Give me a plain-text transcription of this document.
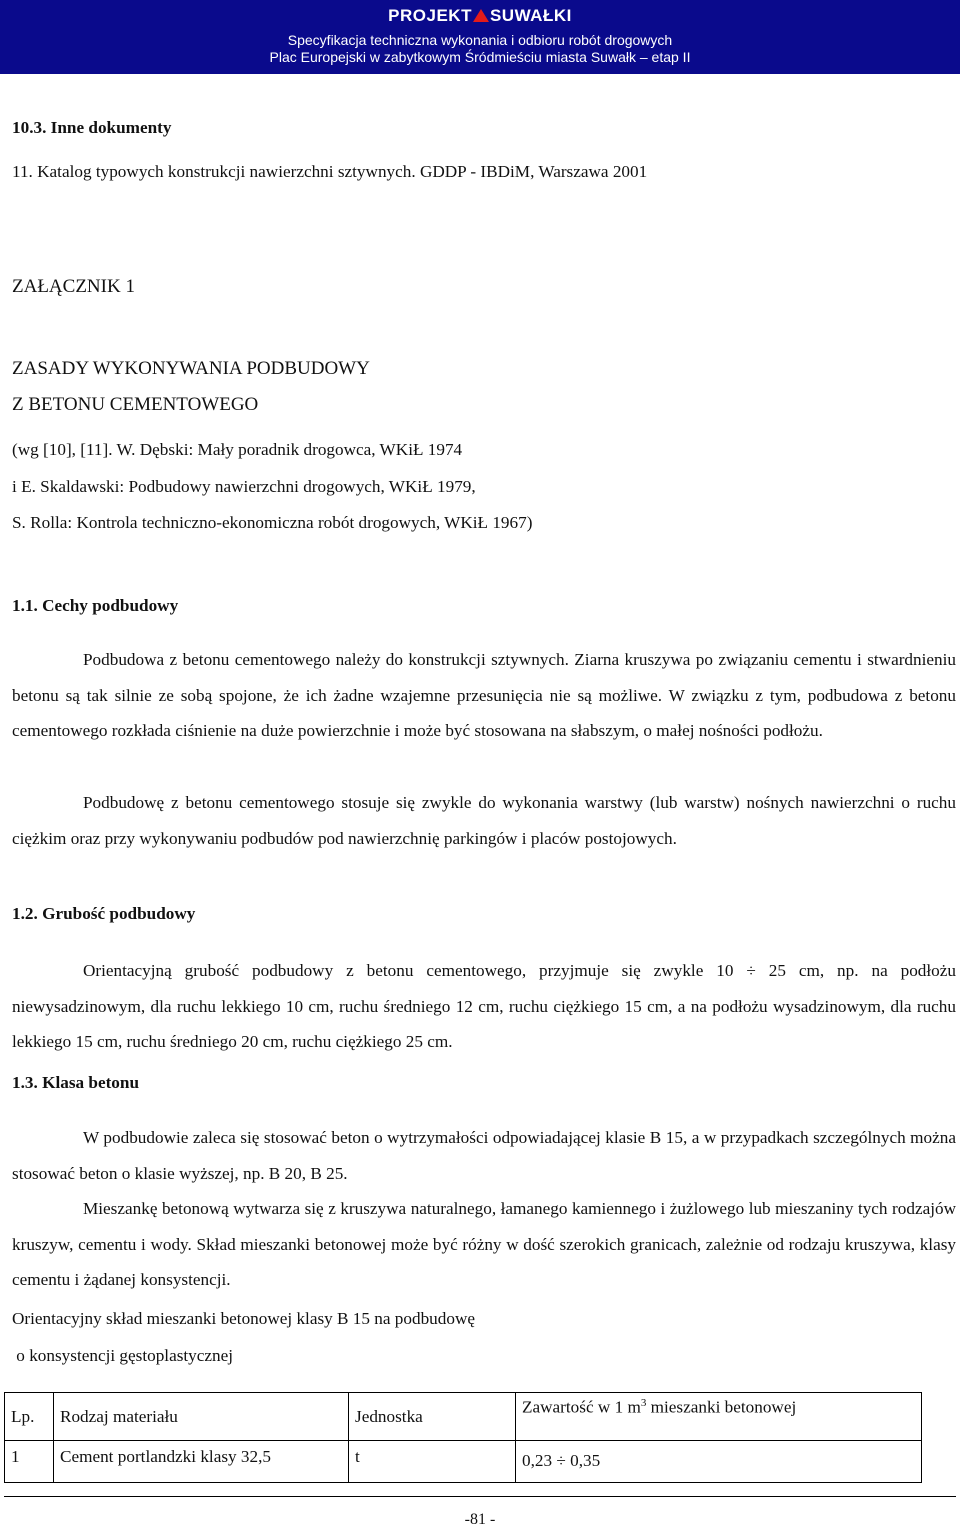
PROJEKT SUWAŁKI
Specyfikacja techniczna wykonania i odbioru robót drogowych
Plac Europejski w zabytkowym Śródmieściu miasta Suwałk – etap II
10.3. Inne dokumenty
11. Katalog typowych konstrukcji nawierzchni sztywnych. GDDP - IBDiM, Warszawa 2001
ZAŁĄCZNIK 1
ZASADY WYKONYWANIA PODBUDOWY
Z BETONU CEMENTOWEGO
(wg [10], [11]. W. Dębski: Mały poradnik drogowca, WKiŁ 1974
i E. Skaldawski: Podbudowy nawierzchni drogowych, WKiŁ 1979,
S. Rolla: Kontrola techniczno-ekonomiczna robót drogowych, WKiŁ 1967)
1.1. Cechy podbudowy
Podbudowa z betonu cementowego należy do konstrukcji sztywnych. Ziarna kruszywa po związaniu cementu i stwardnieniu betonu są tak silnie ze sobą spojone, że ich żadne wzajemne przesunięcia nie są możliwe. W związku z tym, podbudowa z betonu cementowego rozkłada ciśnienie na duże powierzchnie i może być stosowana na słabszym, o małej nośności podłożu.
Podbudowę z betonu cementowego stosuje się zwykle do wykonania warstwy (lub warstw) nośnych nawierzchni o ruchu ciężkim oraz przy wykonywaniu podbudów pod nawierzchnię parkingów i placów postojowych.
1.2. Grubość podbudowy
Orientacyjną grubość podbudowy z betonu cementowego, przyjmuje się zwykle 10 ÷ 25 cm, np. na podłożu niewysadzinowym, dla ruchu lekkiego 10 cm, ruchu średniego 12 cm, ruchu ciężkiego 15 cm, a na podłożu wysadzinowym, dla ruchu lekkiego 15 cm, ruchu średniego 20 cm, ruchu ciężkiego 25 cm.
1.3. Klasa betonu
W podbudowie zaleca się stosować beton o wytrzymałości odpowiadającej klasie B 15, a w przypadkach szczególnych można stosować beton o klasie wyższej, np. B 20, B 25.
Mieszankę betonową wytwarza się z kruszywa naturalnego, łamanego kamiennego i żużlowego lub mieszaniny tych rodzajów kruszyw, cementu i wody. Skład mieszanki betonowej może być różny w dość szerokich granicach, zależnie od rodzaju kruszywa, klasy cementu i żądanej konsystencji.
Orientacyjny skład mieszanki betonowej klasy B 15 na podbudowę
o konsystencji gęstoplastycznej
Lp.	Rodzaj materiału	Jednostka	Zawartość w 1 $m^3$ mieszanki betonowej
1	Cement portlandzki klasy 32,5	t	0,23 ÷ 0,35
-81 -
